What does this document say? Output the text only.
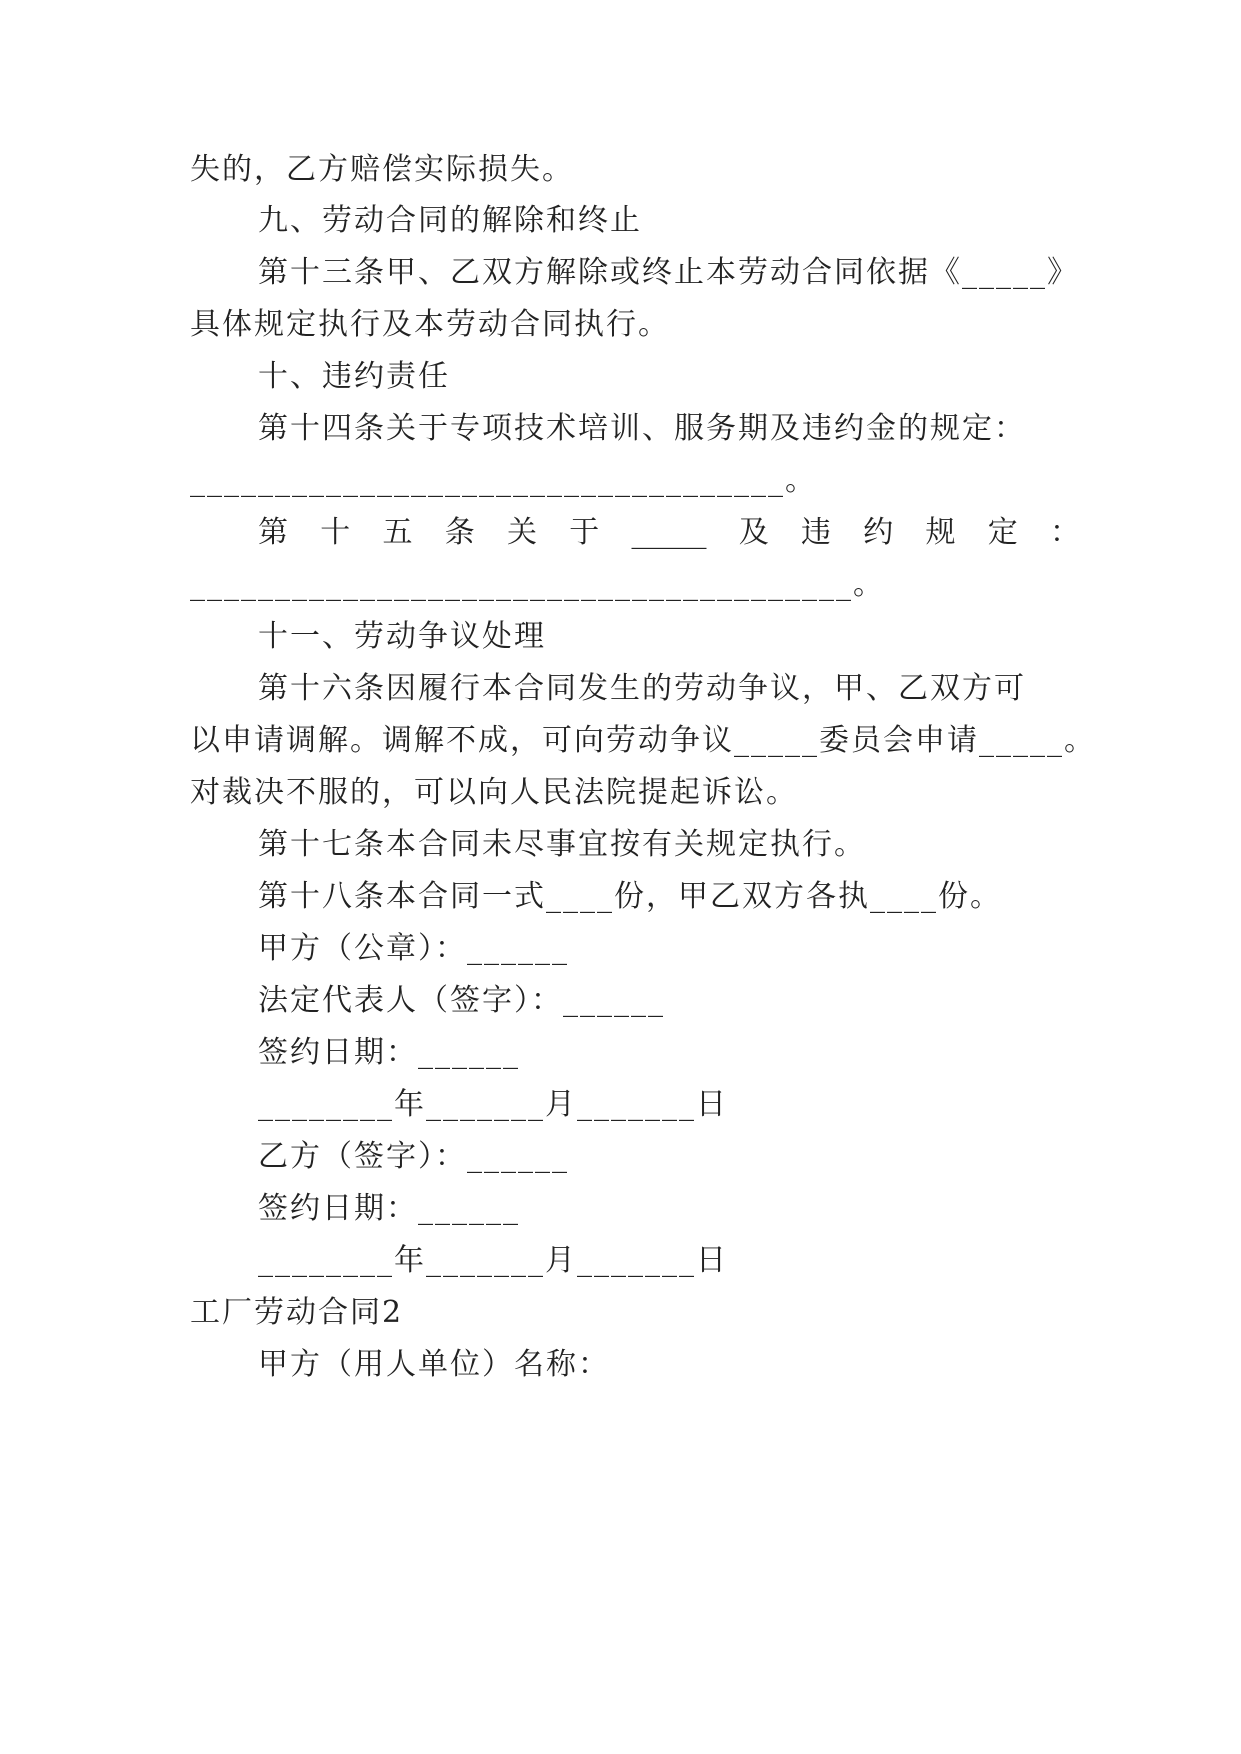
失的，乙方赔偿实际损失。
九、劳动合同的解除和终止
第十三条甲、乙双方解除或终止本劳动合同依据《_____》
具体规定执行及本劳动合同执行。
十、违约责任
第十四条关于专项技术培训、服务期及违约金的规定：
___________________________________。
第 十 五 条 关 于 _____ 及 违 约 规 定 ：
_______________________________________。
十一、劳动争议处理
第十六条因履行本合同发生的劳动争议，甲、乙双方可
以申请调解。调解不成，可向劳动争议_____委员会申请_____。
对裁决不服的，可以向人民法院提起诉讼。
第十七条本合同未尽事宜按有关规定执行。
第十八条本合同一式____份，甲乙双方各执____份。
甲方（公章）：______
法定代表人（签字）：______
签约日期：______
________年_______月_______日
乙方（签字）：______
签约日期：______
________年_______月_______日
工厂劳动合同2
甲方（用人单位）名称：
